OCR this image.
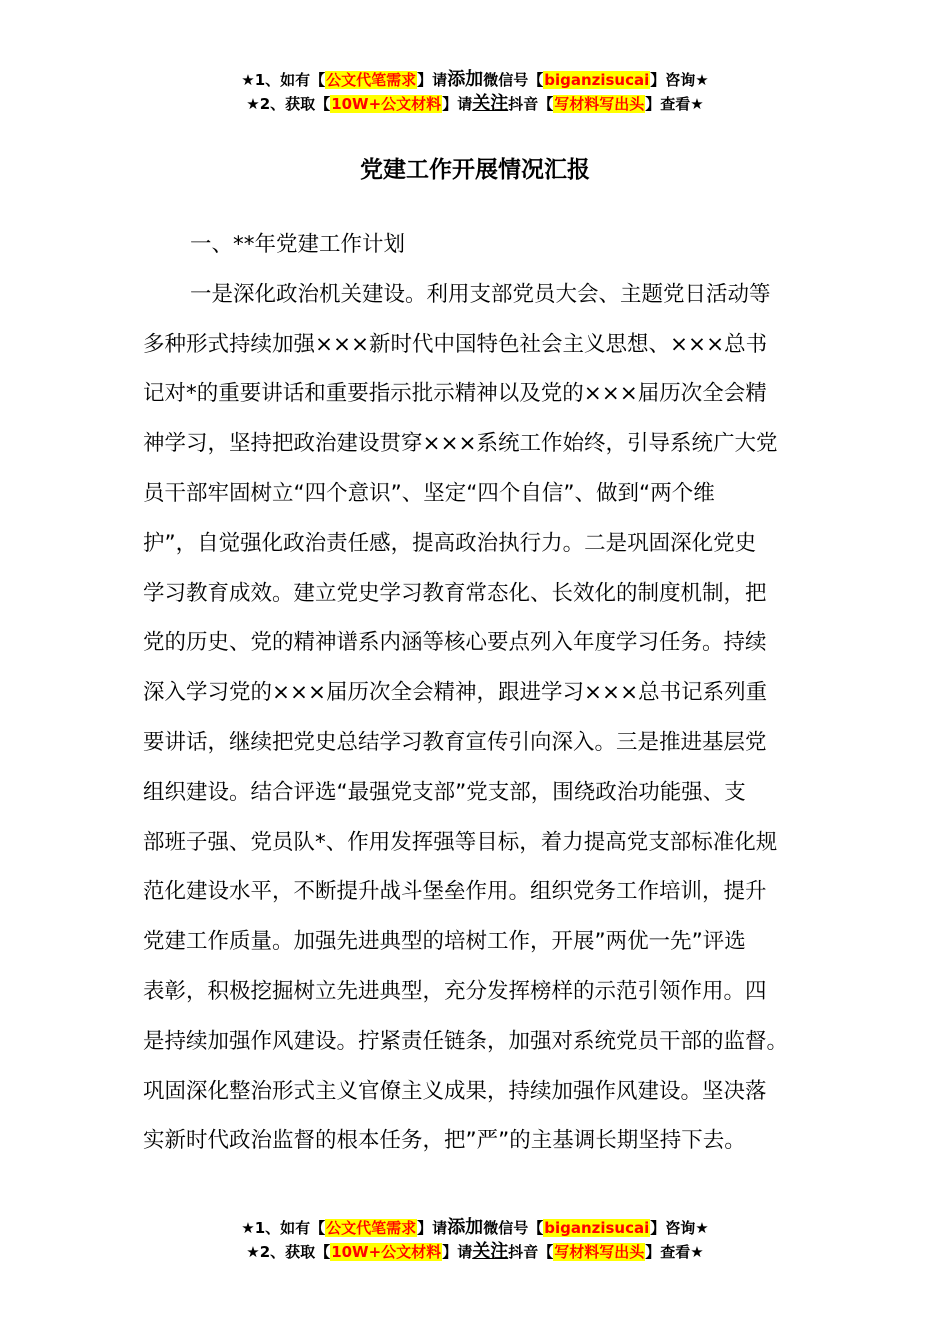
★1、如有【公文代笔需求】请添加微信号【biganzisucai】咨询★
★2、获取【10W+公文材料】请关注抖音【写材料写出头】查看★
党建工作开展情况汇报
一、**年党建工作计划
一是深化政治机关建设。利用支部党员大会、主题党日活动等
多种形式持续加强×××新时代中国特色社会主义思想、×××总书
记对*的重要讲话和重要指示批示精神以及党的×××届历次全会精
神学习，坚持把政治建设贯穿×××系统工作始终，引导系统广大党
员干部牢固树立“四个意识”、坚定“四个自信”、做到“两个维
护”，自觉强化政治责任感，提高政治执行力。二是巩固深化党史
学习教育成效。建立党史学习教育常态化、长效化的制度机制，把
党的历史、党的精神谱系内涵等核心要点列入年度学习任务。持续
深入学习党的×××届历次全会精神，跟进学习×××总书记系列重
要讲话，继续把党史总结学习教育宣传引向深入。三是推进基层党
组织建设。结合评选“最强党支部”党支部，围绕政治功能强、支
部班子强、党员队*、作用发挥强等目标，着力提高党支部标准化规
范化建设水平，不断提升战斗堡垒作用。组织党务工作培训，提升
党建工作质量。加强先进典型的培树工作，开展”两优一先”评选
表彰，积极挖掘树立先进典型，充分发挥榜样的示范引领作用。四
是持续加强作风建设。拧紧责任链条，加强对系统党员干部的监督。
巩固深化整治形式主义官僚主义成果，持续加强作风建设。坚决落
实新时代政治监督的根本任务，把”严”的主基调长期坚持下去。
★1、如有【公文代笔需求】请添加微信号【biganzisucai】咨询★
★2、获取【10W+公文材料】请关注抖音【写材料写出头】查看★
